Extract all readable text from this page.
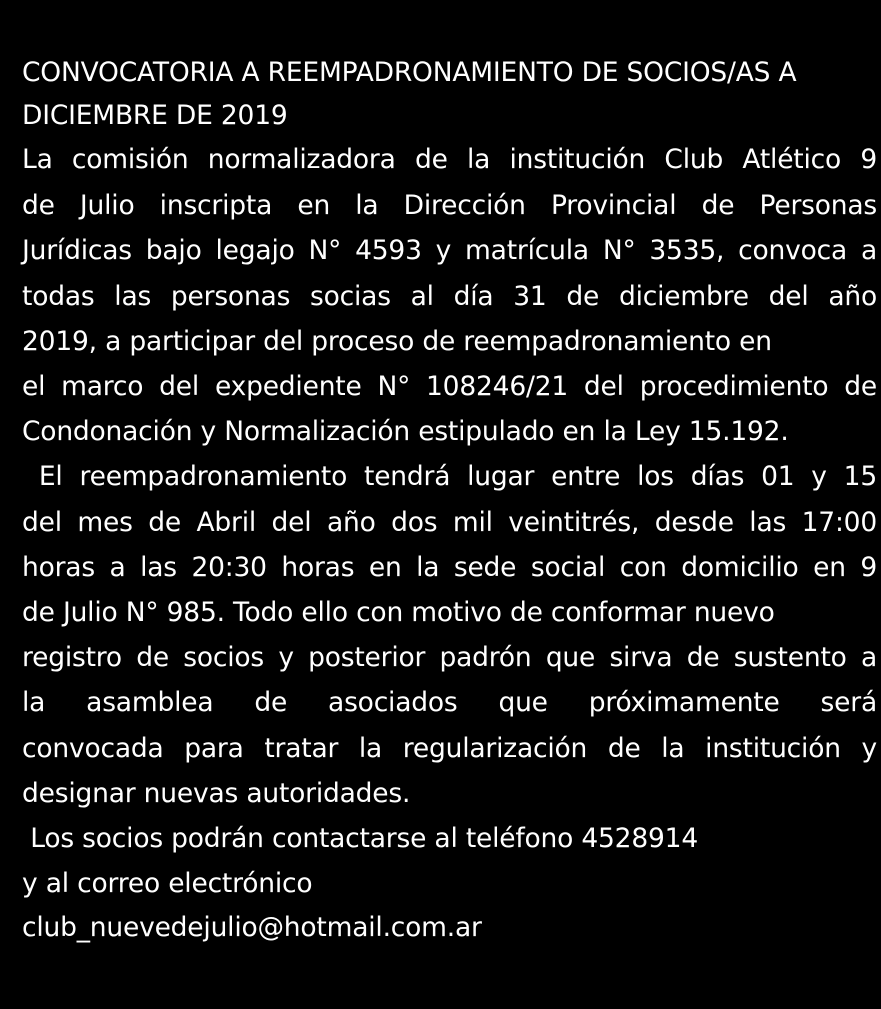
CONVOCATORIA A REEMPADRONAMIENTO DE SOCIOS/AS A
DICIEMBRE DE 2019
La comisión normalizadora de la institución Club Atlético 9
de Julio inscripta en la Dirección Provincial de Personas
Jurídicas bajo legajo N° 4593 y matrícula N° 3535, convoca a
todas las personas socias al día 31 de diciembre del año
2019, a participar del proceso de reempadronamiento en
el marco del expediente N° 108246/21 del procedimiento de
Condonación y Normalización estipulado en la Ley 15.192.
El reempadronamiento tendrá lugar entre los días 01 y 15
del mes de Abril del año dos mil veintitrés, desde las 17:00
horas a las 20:30 horas en la sede social con domicilio en 9
de Julio N° 985. Todo ello con motivo de conformar nuevo
registro de socios y posterior padrón que sirva de sustento a
la asamblea de asociados que próximamente será
convocada para tratar la regularización de la institución y
designar nuevas autoridades.
Los socios podrán contactarse al teléfono 4528914
y al correo electrónico
club_nuevedejulio@hotmail.com.ar
